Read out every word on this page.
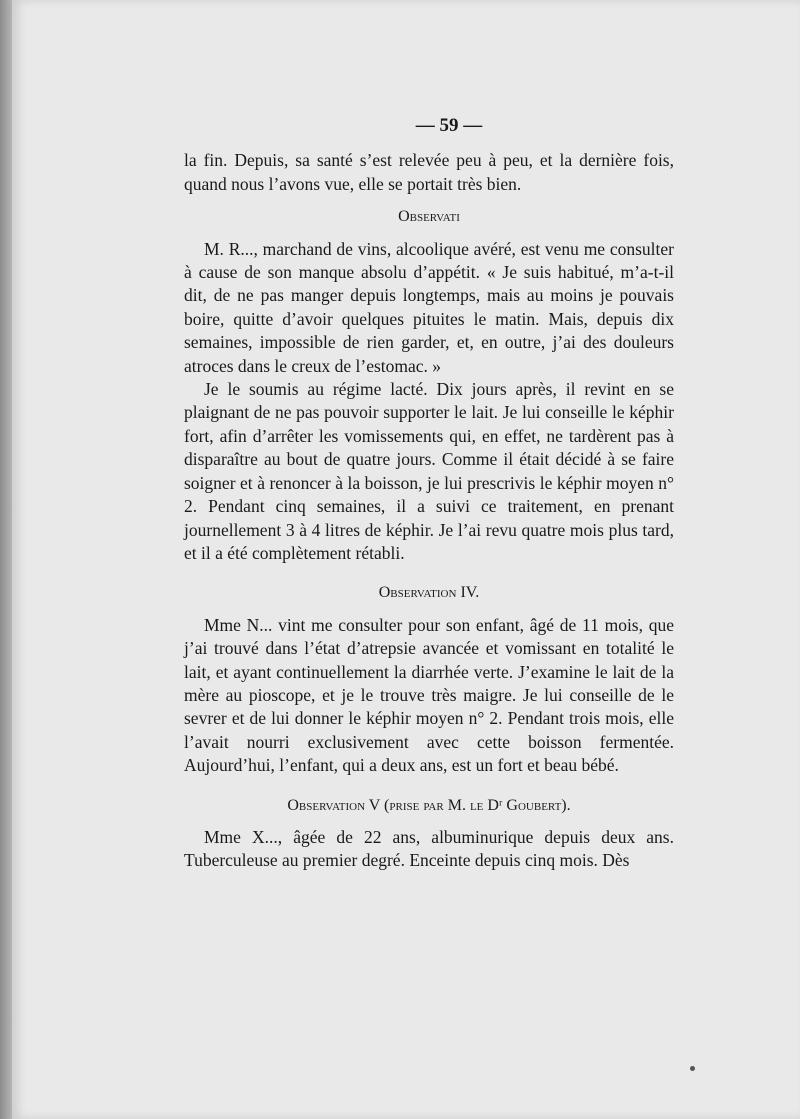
— 59 —

la fin. Depuis, sa santé s’est relevée peu à peu, et la dernière fois, quand nous l’avons vue, elle se portait très bien.

Observati

M. R..., marchand de vins, alcoolique avéré, est venu me consulter à cause de son manque absolu d’appétit. « Je suis habitué, m’a-t-il dit, de ne pas manger depuis longtemps, mais au moins je pouvais boire, quitte d’avoir quelques pituites le matin. Mais, depuis dix semaines, impossible de rien garder, et, en outre, j’ai des douleurs atroces dans le creux de l’estomac. »

Je le soumis au régime lacté. Dix jours après, il revint en se plaignant de ne pas pouvoir supporter le lait. Je lui conseille le képhir fort, afin d’arrêter les vomissements qui, en effet, ne tardèrent pas à disparaître au bout de quatre jours. Comme il était décidé à se faire soigner et à renoncer à la boisson, je lui prescrivis le képhir moyen n° 2. Pendant cinq semaines, il a suivi ce traitement, en prenant journellement 3 à 4 litres de képhir. Je l’ai revu quatre mois plus tard, et il a été complètement rétabli.

Observation IV.

Mme N... vint me consulter pour son enfant, âgé de 11 mois, que j’ai trouvé dans l’état d’atrepsie avancée et vomissant en totalité le lait, et ayant continuellement la diarrhée verte. J’examine le lait de la mère au pioscope, et je le trouve très maigre. Je lui conseille de le sevrer et de lui donner le képhir moyen n° 2. Pendant trois mois, elle l’avait nourri exclusivement avec cette boisson fermentée. Aujourd’hui, l’enfant, qui a deux ans, est un fort et beau bébé.

Observation V (prise par M. le Dʳ Goubert).

Mme X..., âgée de 22 ans, albuminurique depuis deux ans. Tuberculeuse au premier degré. Enceinte depuis cinq mois. Dès
